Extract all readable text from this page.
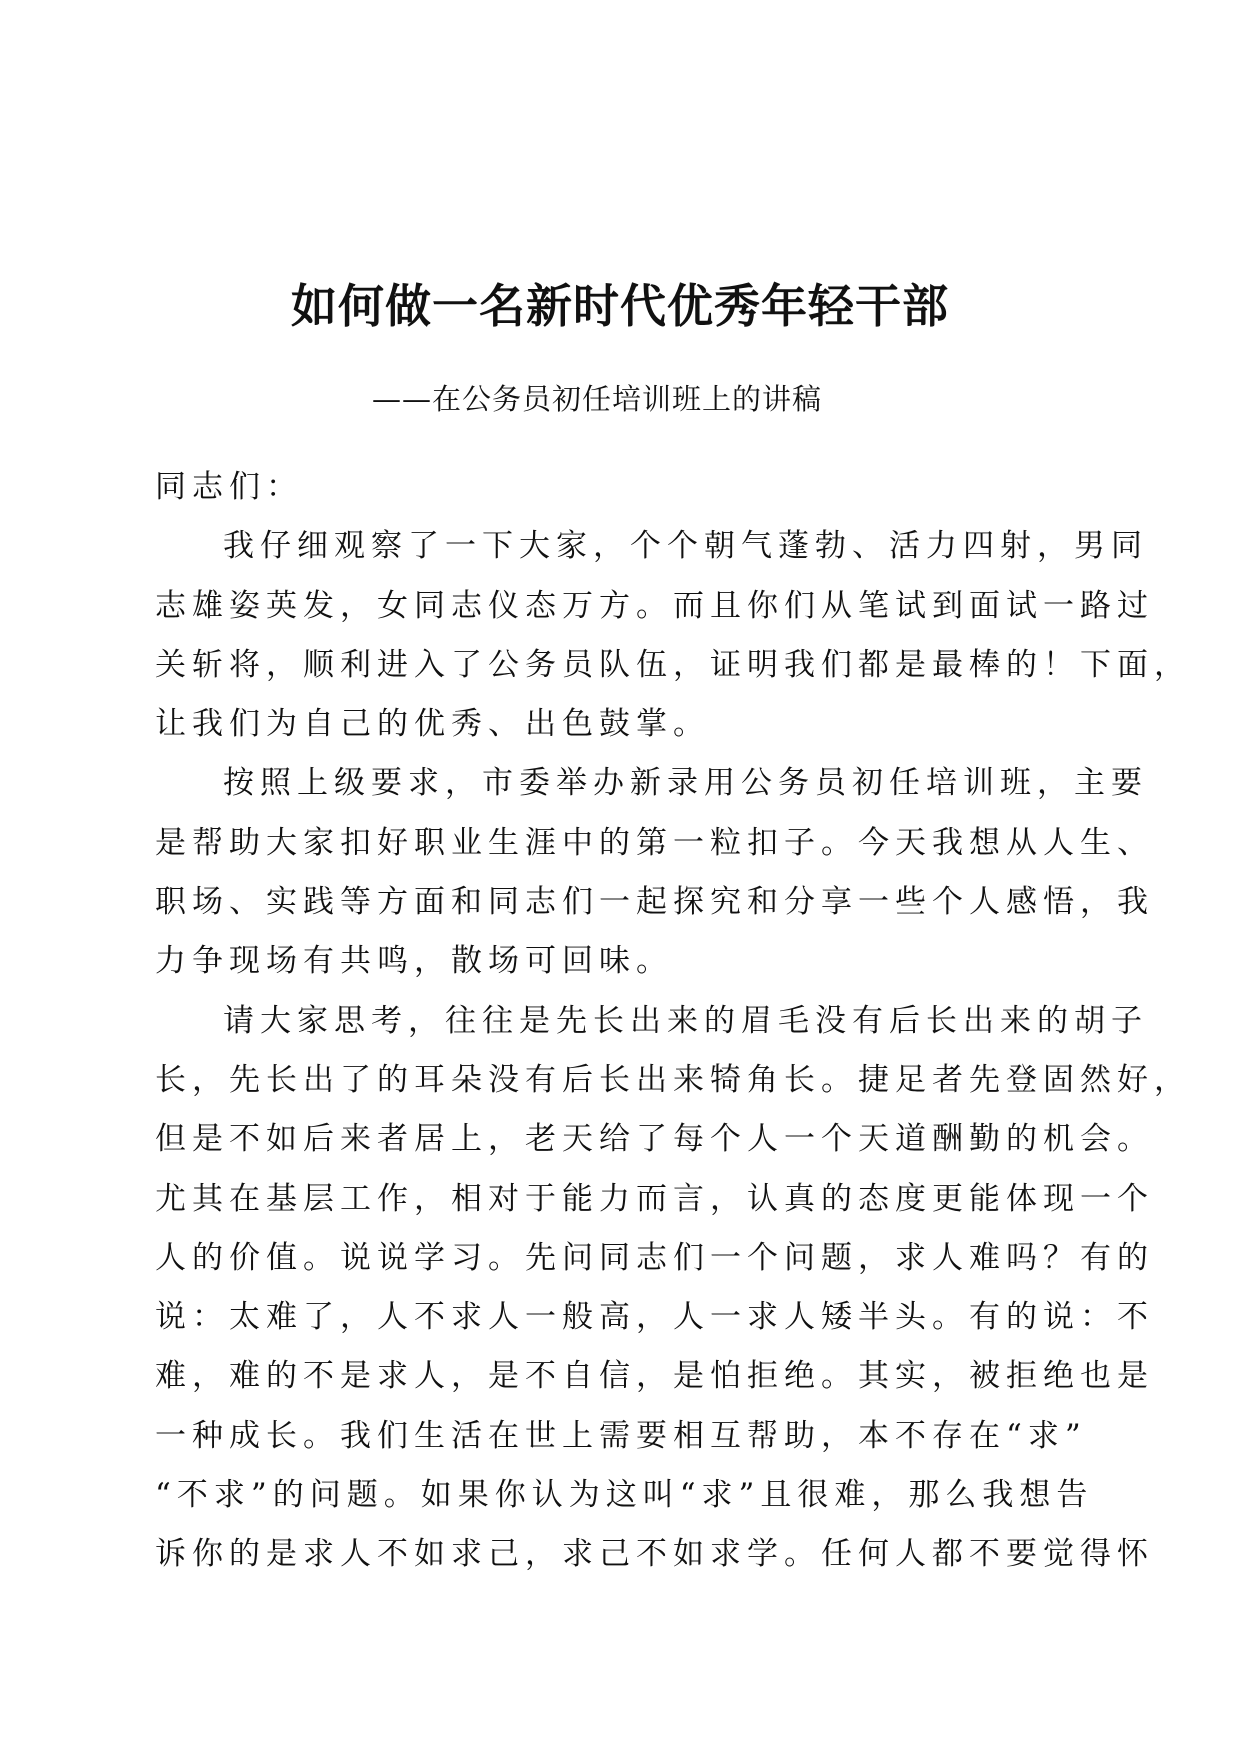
如何做一名新时代优秀年轻干部
——在公务员初任培训班上的讲稿
同志们：
我仔细观察了一下大家，个个朝气蓬勃、活力四射，男同
志雄姿英发，女同志仪态万方。而且你们从笔试到面试一路过
关斩将，顺利进入了公务员队伍，证明我们都是最棒的！下面，
让我们为自己的优秀、出色鼓掌。
按照上级要求，市委举办新录用公务员初任培训班，主要
是帮助大家扣好职业生涯中的第一粒扣子。今天我想从人生、
职场、实践等方面和同志们一起探究和分享一些个人感悟，我
力争现场有共鸣，散场可回味。
请大家思考，往往是先长出来的眉毛没有后长出来的胡子
长，先长出了的耳朵没有后长出来犄角长。捷足者先登固然好，
但是不如后来者居上，老天给了每个人一个天道酬勤的机会。
尤其在基层工作，相对于能力而言，认真的态度更能体现一个
人的价值。说说学习。先问同志们一个问题，求人难吗？有的
说：太难了，人不求人一般高，人一求人矮半头。有的说：不
难，难的不是求人，是不自信，是怕拒绝。其实，被拒绝也是
一种成长。我们生活在世上需要相互帮助，本不存在“求”
“不求”的问题。如果你认为这叫“求”且很难，那么我想告
诉你的是求人不如求己，求己不如求学。任何人都不要觉得怀
